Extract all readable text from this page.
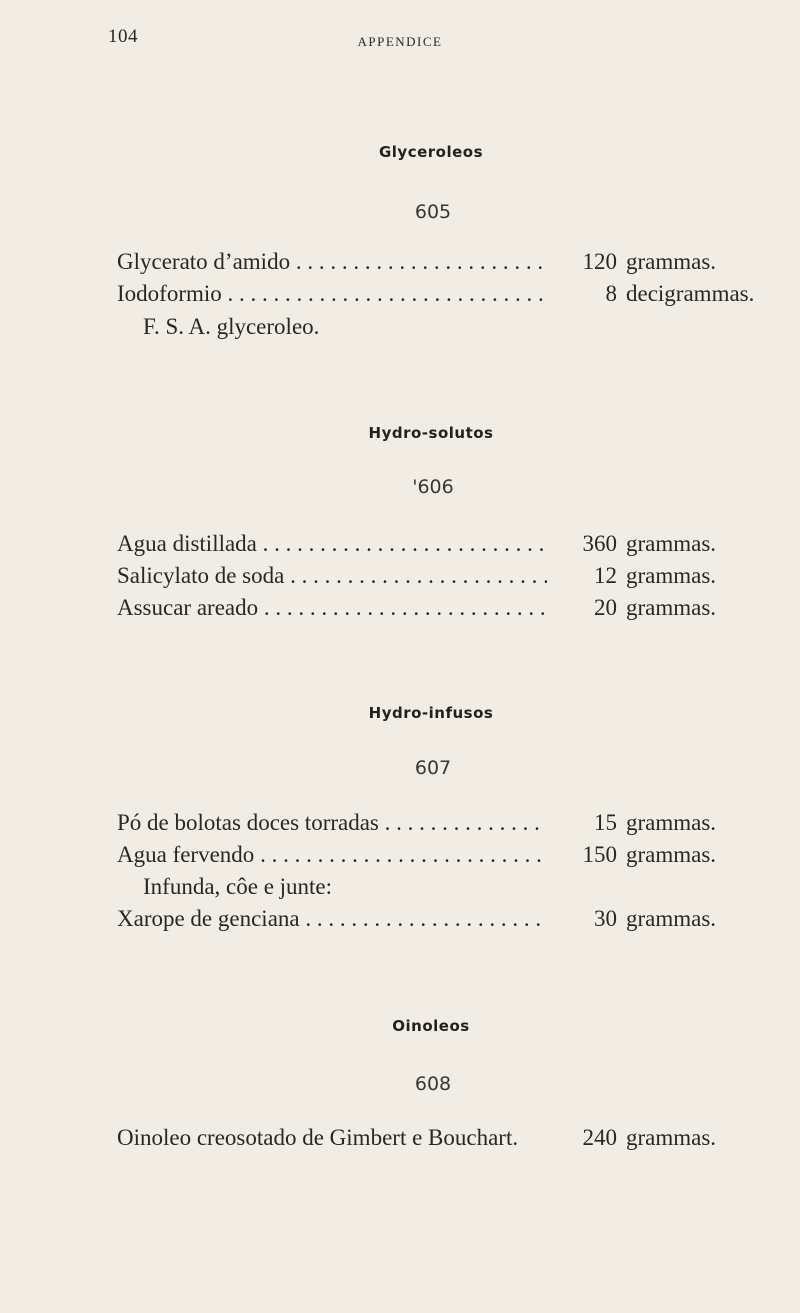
104	APPENDICE
Glyceroleos
605
Glycerato d’amido . . .	120 grammas.
Iodoformio . . .	8 decigrammas.
F. S. A. glyceroleo.
Hydro-solutos
'606
Agua distillada . . .	360 grammas.
Salicylato de soda . . .	12 grammas.
Assucar areado . . .	20 grammas.
Hydro-infusos
607
Pó de bolotas doces torradas . . .	15 grammas.
Agua fervendo . . .	150 grammas.
Infunda, côe e junte:
Xarope de genciana . . .	30 grammas.
Oinoleos
608
Oinoleo creosotado de Gimbert e Bouchart.	240 grammas.
